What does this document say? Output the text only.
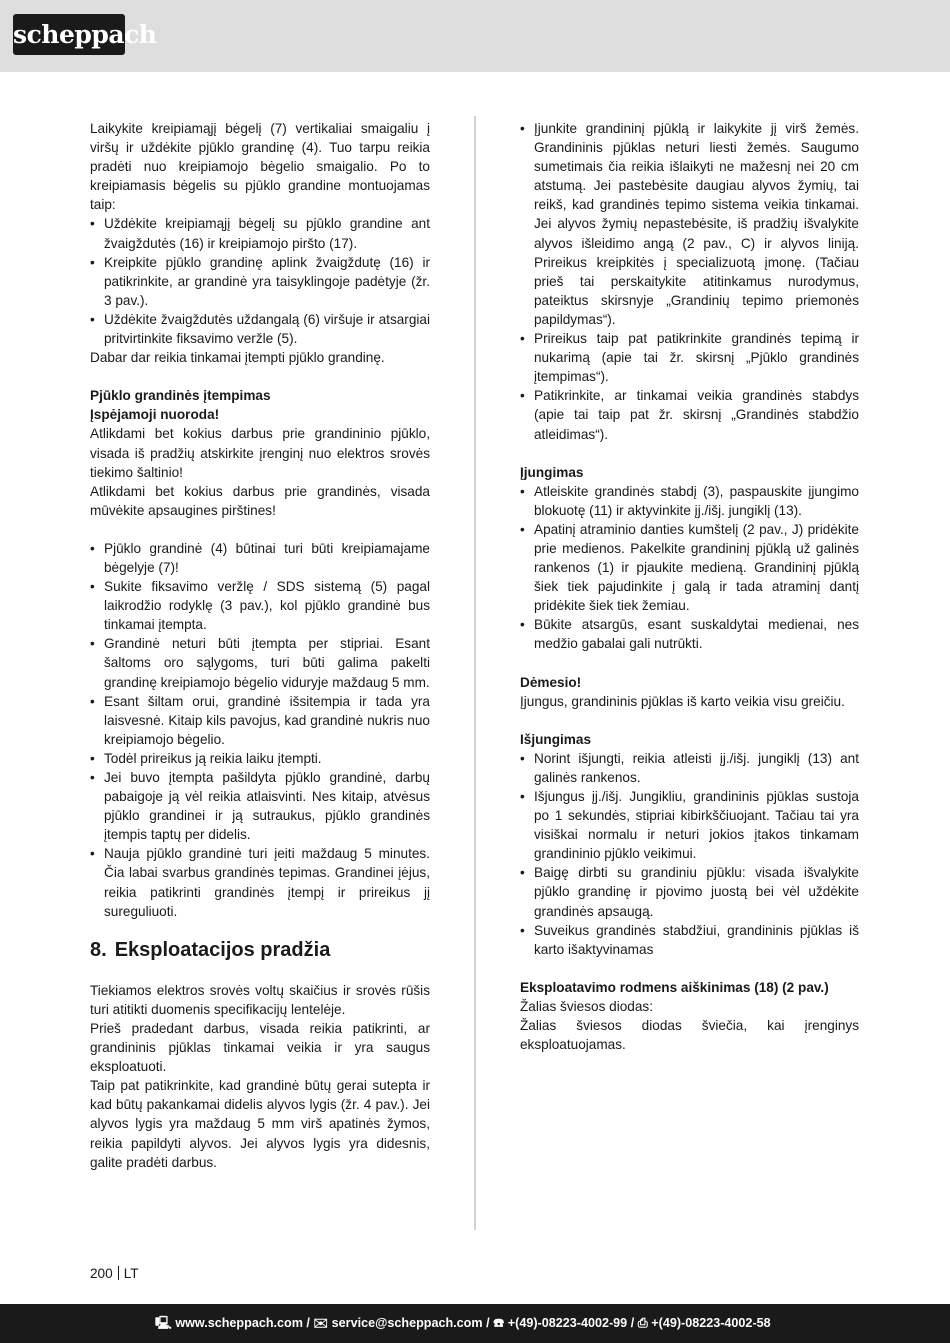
scheppach

Laikykite kreipiamąjį bėgelį (7) vertikaliai smaigaliu į viršų ir uždėkite pjūklo grandinę (4). Tuo tarpu reikia pradėti nuo kreipiamojo bėgelio smaigalio. Po to kreipiamasis bėgelis su pjūklo grandine montuojamas taip:

• Uždėkite kreipiamąjį bėgelį su pjūklo grandine ant žvaigždutės (16) ir kreipiamojo piršto (17).
• Kreipkite pjūklo grandinę aplink žvaigždutę (16) ir patikrinkite, ar grandinė yra taisyklingoje padėtyje (žr. 3 pav.).
• Uždėkite žvaigždutės uždangalą (6) viršuje ir atsargiai pritvirtinkite fiksavimo veržle (5).

Dabar dar reikia tinkamai įtempti pjūklo grandinę.

Pjūklo grandinės įtempimas

Įspėjamoji nuoroda!

Atlikdami bet kokius darbus prie grandininio pjūklo, visada iš pradžių atskirkite įrenginį nuo elektros srovės tiekimo šaltinio!

Atlikdami bet kokius darbus prie grandinės, visada mūvėkite apsaugines pirštines!

• Pjūklo grandinė (4) būtinai turi būti kreipiamajame bėgelyje (7)!
• Sukite fiksavimo veržlę / SDS sistemą (5) pagal laikrodžio rodyklę (3 pav.), kol pjūklo grandinė bus tinkamai įtempta.
• Grandinė neturi būti įtempta per stipriai. Esant šaltoms oro sąlygoms, turi būti galima pakelti grandinę kreipiamojo bėgelio viduryje maždaug 5 mm.
• Esant šiltam orui, grandinė išsitempia ir tada yra laisvesnė. Kitaip kils pavojus, kad grandinė nukris nuo kreipiamojo bėgelio.
• Todėl prireikus ją reikia laiku įtempti.
• Jei buvo įtempta pašildyta pjūklo grandinė, darbų pabaigoje ją vėl reikia atlaisvinti. Nes kitaip, atvėsus pjūklo grandinei ir ją sutraukus, pjūklo grandinės įtempis taptų per didelis.
• Nauja pjūklo grandinė turi įeiti maždaug 5 minutes. Čia labai svarbus grandinės tepimas. Grandinei įėjus, reikia patikrinti grandinės įtempį ir prireikus jį sureguliuoti.
8. Eksploatacijos pradžia

Tiekiamos elektros srovės voltų skaičius ir srovės rūšis turi atitikti duomenis specifikacijų lentelėje.

Prieš pradedant darbus, visada reikia patikrinti, ar grandininis pjūklas tinkamai veikia ir yra saugus eksploatuoti.

Taip pat patikrinkite, kad grandinė būtų gerai sutepta ir kad būtų pakankamai didelis alyvos lygis (žr. 4 pav.). Jei alyvos lygis yra maždaug 5 mm virš apatinės žymos, reikia papildyti alyvos. Jei alyvos lygis yra didesnis, galite pradėti darbus.

• Įjunkite grandininį pjūklą ir laikykite jį virš žemės. Grandininis pjūklas neturi liesti žemės. Saugumo sumetimais čia reikia išlaikyti ne mažesnį nei 20 cm atstumą. Jei pastebėsite daugiau alyvos žymių, tai reikš, kad grandinės tepimo sistema veikia tinkamai. Jei alyvos žymių nepastebėsite, iš pradžių išvalykite alyvos išleidimo angą (2 pav., C) ir alyvos liniją. Prireikus kreipkitės į specializuotą įmonę. (Tačiau prieš tai perskaitykite atitinkamus nurodymus, pateiktus skirsnyje „Grandinių tepimo priemonės papildymas“).
• Prireikus taip pat patikrinkite grandinės tepimą ir nukarimą (apie tai žr. skirsnį „Pjūklo grandinės įtempimas“).
• Patikrinkite, ar tinkamai veikia grandinės stabdys (apie tai taip pat žr. skirsnį „Grandinės stabdžio atleidimas“).

Įjungimas

• Atleiskite grandinės stabdį (3), paspauskite įjungimo blokuotę (11) ir aktyvinkite įj./išj. jungiklį (13).
• Apatinį atraminio danties kumštelį (2 pav., J) pridėkite prie medienos. Pakelkite grandininį pjūklą už galinės rankenos (1) ir pjaukite medieną. Grandininį pjūklą šiek tiek pajudinkite į galą ir tada atraminį dantį pridėkite šiek tiek žemiau.
• Būkite atsargūs, esant suskaldytai medienai, nes medžio gabalai gali nutrūkti.

Dėmesio!

Įjungus, grandininis pjūklas iš karto veikia visu greičiu.

Išjungimas

• Norint išjungti, reikia atleisti įj./išj. jungiklį (13) ant galinės rankenos.
• Išjungus įj./išj. Jungikliu, grandininis pjūklas sustoja po 1 sekundės, stipriai kibirkščiuojant. Tačiau tai yra visiškai normalu ir neturi jokios įtakos tinkamam grandininio pjūklo veikimui.
• Baigę dirbti su grandiniu pjūklu: visada išvalykite pjūklo grandinę ir pjovimo juostą bei vėl uždėkite grandinės apsaugą.
• Suveikus grandinės stabdžiui, grandininis pjūklas iš karto išaktyvinamas

Eksploatavimo rodmens aiškinimas (18) (2 pav.)

Žalias šviesos diodas:

Žalias šviesos diodas šviečia, kai įrenginys eksploatuojamas.

200 LT
🖳 www.scheppach.com / ✉ service@scheppach.com / ☎ +(49)-08223-4002-99 / ⎙ +(49)-08223-4002-58
